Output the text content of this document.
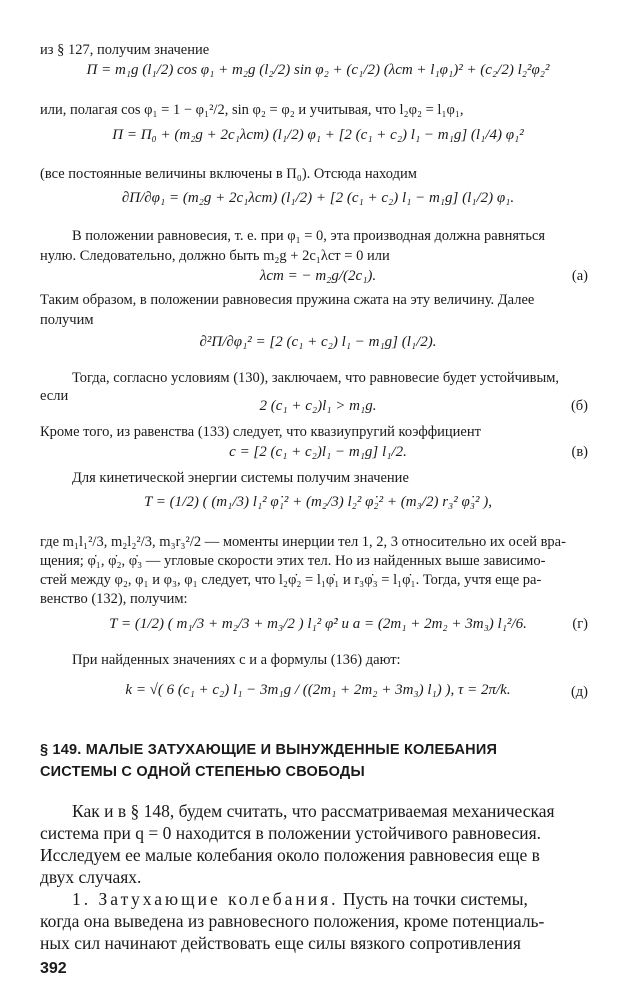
из § 127, получим значение
Π = m₁g (l₁/2) cos φ₁ + m₂g (l₂/2) sin φ₂ + (c₁/2) (λст + l₁φ₁)² + (c₂/2) l₂²φ₂²
или, полагая cos φ₁ = 1 − φ₁²/2, sin φ₂ = φ₂ и учитывая, что l₂φ₂ = l₁φ₁,
Π = Π₀ + (m₂g + 2c₁λст) (l₁/2) φ₁ + [2 (c₁ + c₂) l₁ − m₁g] (l₁/4) φ₁²
(все постоянные величины включены в Π₀). Отсюда находим
∂Π/∂φ₁ = (m₂g + 2c₁λст) (l₁/2) + [2 (c₁ + c₂) l₁ − m₁g] (l₁/2) φ₁.
В положении равновесия, т. е. при φ₁ = 0, эта производная должна равняться
нулю. Следовательно, должно быть m₂g + 2c₁λст = 0 или
λст = − m₂g/(2c₁).	(а)
Таким образом, в положении равновесия пружина сжата на эту величину. Далее
получим
∂²Π/∂φ₁² = [2 (c₁ + c₂) l₁ − m₁g] (l₁/2).
Тогда, согласно условиям (130), заключаем, что равновесие будет устойчивым,
если
2 (c₁ + c₂)l₁ > m₁g.	(б)
Кроме того, из равенства (133) следует, что квазиупругий коэффициент
c = [2 (c₁ + c₂)l₁ − m₁g] l₁/2.	(в)
Для кинетической энергии системы получим значение
T = (1/2) ( (m₁/3) l₁² φ̇₁² + (m₂/3) l₂² φ̇₂² + (m₃/2) r₃² φ̇₃² ),
где m₁l₁²/3, m₂l₂²/3, m₃r₃²/2 — моменты инерции тел 1, 2, 3 относительно их осей вра-
щения; φ̇₁, φ̇₂, φ̇₃ — угловые скорости этих тел. Но из найденных выше зависимо-
стей между φ₂, φ₁ и φ₃, φ₁ следует, что l₂φ̇₂ = l₁φ̇₁ и r₃φ̇₃ = l₁φ̇₁. Тогда, учтя еще ра-
венство (132), получим:
T = (1/2) ( m₁/3 + m₂/3 + m₃/2 ) l₁² φ̇² и a = (2m₁ + 2m₂ + 3m₃) l₁²/6.	(г)
При найденных значениях c и a формулы (136) дают:
k = √( 6 (c₁ + c₂) l₁ − 3m₁g / ((2m₁ + 2m₂ + 3m₃) l₁) ), τ = 2π/k.	(д)
§ 149. МАЛЫЕ ЗАТУХАЮЩИЕ И ВЫНУЖДЕННЫЕ КОЛЕБАНИЯ
СИСТЕМЫ С ОДНОЙ СТЕПЕНЬЮ СВОБОДЫ
Как и в § 148, будем считать, что рассматриваемая механическая
система при q = 0 находится в положении устойчивого равновесия.
Исследуем ее малые колебания около положения равновесия еще в
двух случаях.
1. Затухающие колебания. Пусть на точки системы,
когда она выведена из равновесного положения, кроме потенциаль-
ных сил начинают действовать еще силы вязкого сопротивления
392
